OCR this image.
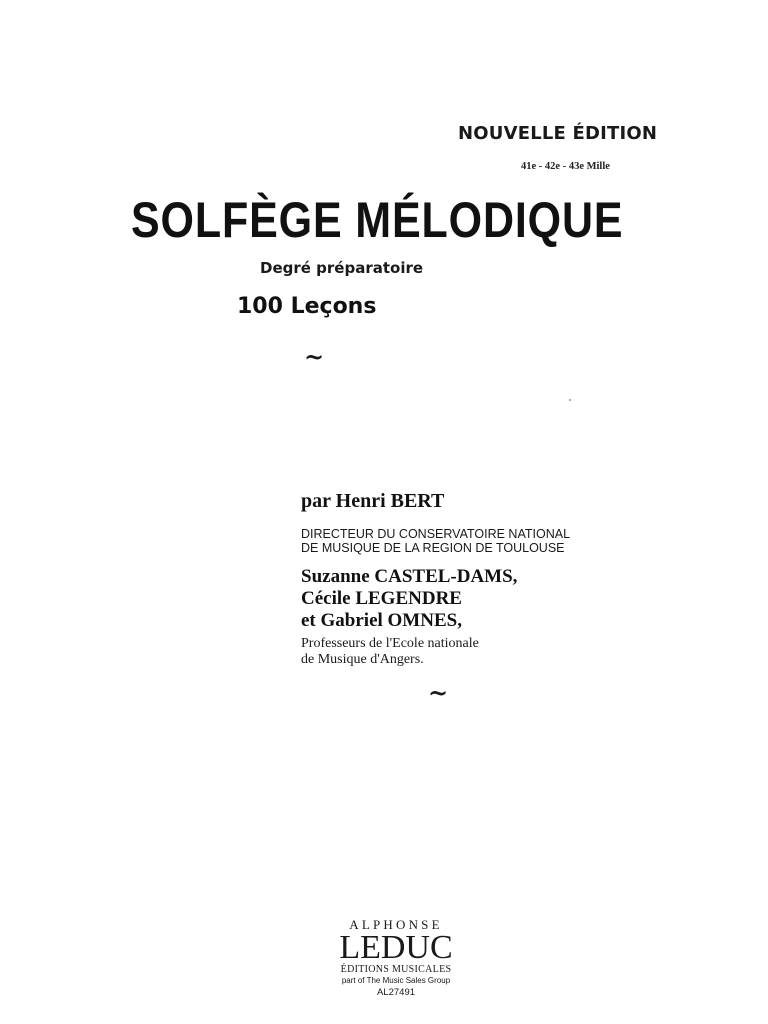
NOUVELLE ÉDITION
41e - 42e - 43e Mille
SOLFÈGE MÉLODIQUE
Degré préparatoire
100 Leçons
~
par Henri BERT
DIRECTEUR DU CONSERVATOIRE NATIONAL
DE MUSIQUE DE LA REGION DE TOULOUSE
Suzanne CASTEL-DAMS,
Cécile LEGENDRE
et Gabriel OMNES,
Professeurs de l'Ecole nationale
de Musique d'Angers.
~
ALPHONSE
LEDUC
ÉDITIONS MUSICALES
part of The Music Sales Group
AL27491
